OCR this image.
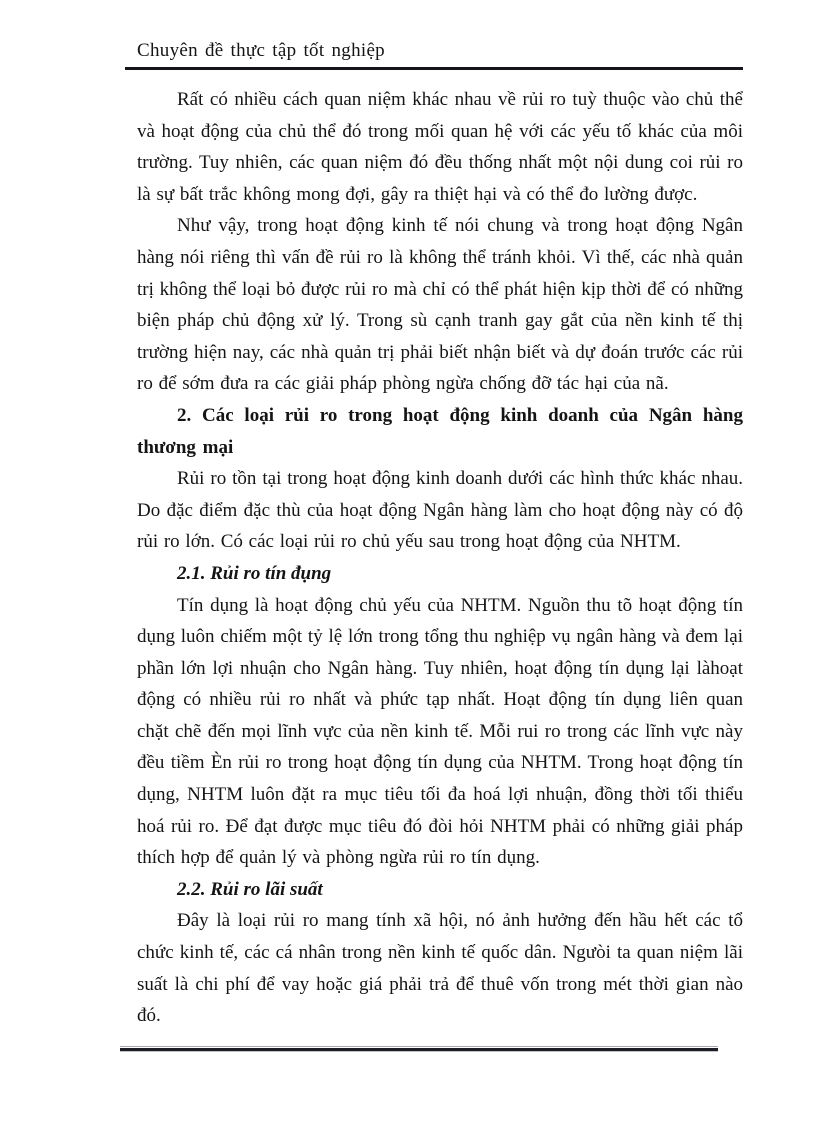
Chuyên đề thực tập tốt nghiệp

Rất có nhiều cách quan niệm khác nhau về rủi ro tuỳ thuộc vào chủ thể và hoạt động của chủ thể đó trong mối quan hệ với các yếu tố khác của môi trường. Tuy nhiên, các quan niệm đó đều thống nhất một nội dung coi rủi ro là sự bất trắc không mong đợi, gây ra thiệt hại và có thể đo lường được.

Như vậy, trong hoạt động kinh tế nói chung và trong hoạt động Ngân hàng nói riêng thì vấn đề rủi ro là không thể tránh khỏi. Vì thế, các nhà quản trị không thể loại bỏ được rủi ro mà chỉ có thể phát hiện kịp thời để có những biện pháp chủ động xử lý. Trong sù cạnh tranh gay gắt của nền kinh tế thị trường hiện nay, các nhà quản trị phải biết nhận biết và dự đoán trước các rủi ro để sớm đưa ra các giải pháp phòng ngừa chống đỡ tác hại của nã.

2. Các loại rủi ro trong hoạt động kinh doanh của Ngân hàng thương mại

Rủi ro tồn tại trong hoạt động kinh doanh dưới các hình thức khác nhau. Do đặc điểm đặc thù của hoạt động Ngân hàng làm cho hoạt động này có độ rủi ro lớn. Có các loại rủi ro chủ yếu sau trong hoạt động của NHTM.

2.1. Rủi ro tín đụng

Tín dụng là hoạt động chủ yếu của NHTM. Nguồn thu tõ hoạt động tín dụng luôn chiếm một tỷ lệ lớn trong tổng thu nghiệp vụ ngân hàng và đem lại phần lớn lợi nhuận cho Ngân hàng. Tuy nhiên, hoạt động tín dụng lại làhoạt động có nhiều rủi ro nhất và phức tạp nhất. Hoạt động tín dụng liên quan chặt chẽ đến mọi lĩnh vực của nền kinh tế. Mỗi rui ro trong các lĩnh vực này đều tiềm Èn rủi ro trong hoạt động tín dụng của NHTM. Trong hoạt động tín dụng, NHTM luôn đặt ra mục tiêu tối đa hoá lợi nhuận, đồng thời tối thiểu hoá rủi ro. Để đạt được mục tiêu đó đòi hỏi NHTM phải có những giải pháp thích hợp để quản lý và phòng ngừa rủi ro tín dụng.

2.2. Rủi ro lãi suất

Đây là loại rủi ro mang tính xã hội, nó ảnh hưởng đến hầu hết các tổ chức kinh tế, các cá nhân trong nền kinh tế quốc dân. Ngưòi ta quan niệm lãi suất là chi phí để vay hoặc giá phải trả để thuê vốn trong mét thời gian nào đó.
